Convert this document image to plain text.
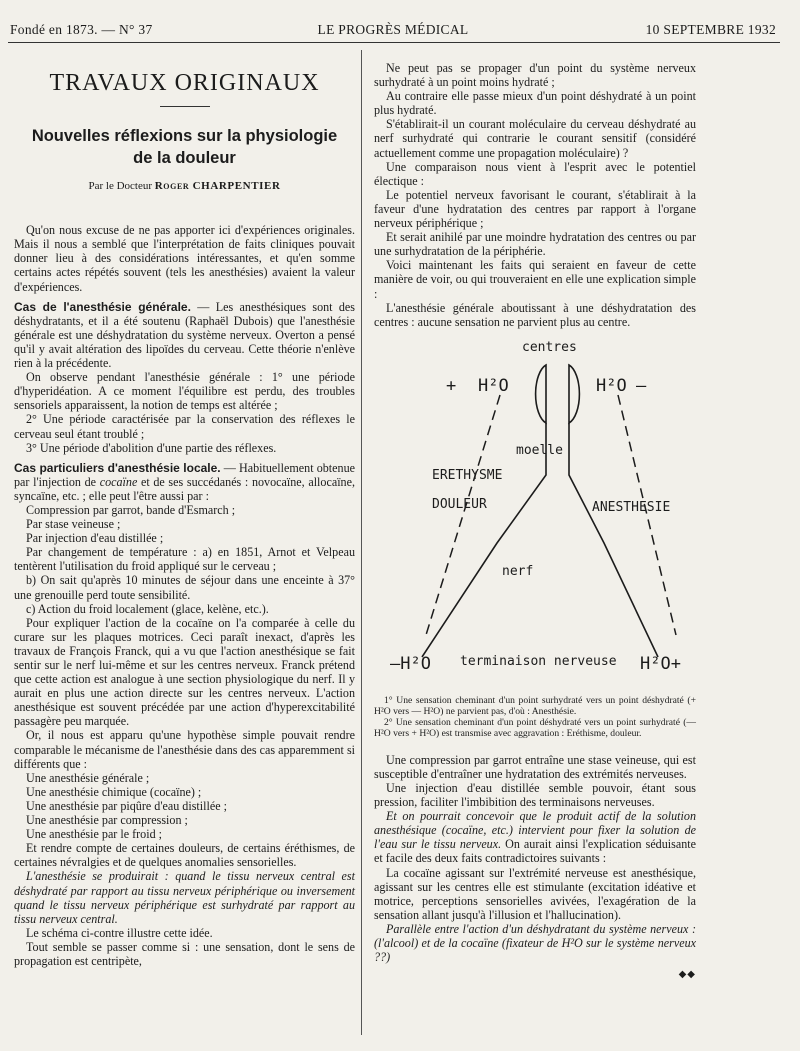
Fondé en 1873. — N° 37	LE PROGRÈS MÉDICAL	10 SEPTEMBRE 1932
TRAVAUX ORIGINAUX
Nouvelles réflexions sur la physiologie
de la douleur
Par le Docteur Roger CHARPENTIER

Qu'on nous excuse de ne pas apporter ici d'expériences originales. Mais il nous a semblé que l'interprétation de faits cliniques pouvait donner lieu à des considérations intéressantes, et qu'en somme certains actes répétés souvent (tels les anesthésies) avaient la valeur d'expériences.

Cas de l'anesthésie générale. — Les anesthésiques sont des déshydratants, et il a été soutenu (Raphaël Dubois) que l'anesthésie générale est une déshydratation du système nerveux. Overton a pensé qu'il y avait altération des lipoïdes du cerveau. Cette théorie n'enlève rien à la précédente.

On observe pendant l'anesthésie générale : 1° une période d'hyperidéation. A ce moment l'équilibre est perdu, des troubles sensoriels apparaissent, la notion de temps est altérée ;

2° Une période caractérisée par la conservation des réflexes le cerveau seul étant troublé ;

3° Une période d'abolition d'une partie des réflexes.

Cas particuliers d'anesthésie locale. — Habituellement obtenue par l'injection de cocaïne et de ses succédanés : novocaïne, allocaïne, syncaïne, etc. ; elle peut l'être aussi par :

Compression par garrot, bande d'Esmarch ;

Par stase veineuse ;

Par injection d'eau distillée ;

Par changement de température : a) en 1851, Arnot et Velpeau tentèrent l'utilisation du froid appliqué sur le cerveau ;

b) On sait qu'après 10 minutes de séjour dans une enceinte à 37° une grenouille perd toute sensibilité.

c) Action du froid localement (glace, kelène, etc.).

Pour expliquer l'action de la cocaïne on l'a comparée à celle du curare sur les plaques motrices. Ceci paraît inexact, d'après les travaux de François Franck, qui a vu que l'action anesthésique se fait sentir sur le nerf lui-même et sur les centres nerveux. Franck prétend que cette action est analogue à une section physiologique du nerf. Il y aurait en plus une action directe sur les centres nerveux. L'action anesthésique est souvent précédée par une action d'hyperexcitabilité passagère peu marquée.

Or, il nous est apparu qu'une hypothèse simple pouvait rendre comparable le mécanisme de l'anesthésie dans des cas apparemment si différents que :

Une anesthésie générale ;

Une anesthésie chimique (cocaïne) ;

Une anesthésie par piqûre d'eau distillée ;

Une anesthésie par compression ;

Une anesthésie par le froid ;

Et rendre compte de certaines douleurs, de certains éréthismes, de certaines névralgies et de quelques anomalies sensorielles.

L'anesthésie se produirait : quand le tissu nerveux central est déshydraté par rapport au tissu nerveux périphérique ou inversement quand le tissu nerveux périphérique est surhydraté par rapport au tissu nerveux central.

Le schéma ci-contre illustre cette idée.

Tout semble se passer comme si : une sensation, dont le sens de propagation est centripète,

Ne peut pas se propager d'un point du système nerveux surhydraté à un point moins hydraté ;

Au contraire elle passe mieux d'un point déshydraté à un point plus hydraté.

S'établirait-il un courant moléculaire du cerveau déshydraté au nerf surhydraté qui contrarie le courant sensitif (considéré actuellement comme une propagation moléculaire) ?

Une comparaison nous vient à l'esprit avec le potentiel électique :

Le potentiel nerveux favorisant le courant, s'établirait à la faveur d'une hydratation des centres par rapport à l'organe nerveux périphérique ;

Et serait anihilé par une moindre hydratation des centres ou par une surhydratation de la périphérie.

Voici maintenant les faits qui seraient en faveur de cette manière de voir, ou qui trouveraient en elle une explication simple :

L'anesthésie générale aboutissant à une déshydratation des centres : aucune sensation ne parvient plus au centre.

centres
+ H²O	H²O —
moelle
ERETHYSME
DOULEUR	ANESTHESIE
nerf
—H²O terminaison nerveuse H²O+

1° Une sensation cheminant d'un point surhydraté vers un point déshydraté (+ H²O vers — H²O) ne parvient pas, d'où : Anesthésie.

2° Une sensation cheminant d'un point déshydraté vers un point surhydraté (— H²O vers + H²O) est transmise avec aggravation : Eréthisme, douleur.

Une compression par garrot entraîne une stase veineuse, qui est susceptible d'entraîner une hydratation des extrémités nerveuses.

Une injection d'eau distillée semble pouvoir, étant sous pression, faciliter l'imbibition des terminaisons nerveuses.

Et on pourrait concevoir que le produit actif de la solution anesthésique (cocaïne, etc.) intervient pour fixer la solution de l'eau sur le tissu nerveux. On aurait ainsi l'explication séduisante et facile des deux faits contradictoires suivants :

La cocaïne agissant sur l'extrémité nerveuse est anesthésique, agissant sur les centres elle est stimulante (excitation idéative et motrice, perceptions sensorielles avivées, l'exagération de la sensation allant jusqu'à l'illusion et l'hallucination).

Parallèle entre l'action d'un déshydratant du système nerveux : (l'alcool) et de la cocaïne (fixateur de H²O sur le système nerveux ??)

◆◆
